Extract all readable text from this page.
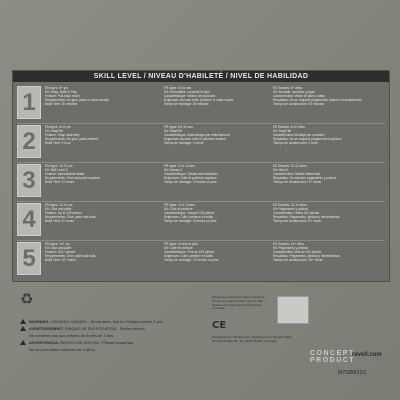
SKILL LEVEL / NIVEAU D'HABILETÉ / NIVEL DE HABILIDAD
1
EN Ages: 8+ yrs
Kit: Snap, Build & Play
Feature: Pull-back motor
Requirements: No glue, paint or tools needed
Build Time: 30 minutes
FR Ages: 8 à 8 ans
Kit: Emboîtable, construit et joue
Caractéristique: Moteur de pull-back
Exigences: Aucune colle, peinture ni outils requis
Temps de montage: 30 minutes
ES Edades: 8+ años
Kit: Armable, construir y jugar
Característica: Motor de jalar y soltar
Requisitos: No se requiere pegamento, pintura ni herramientas
Tiempo de construcción: 30 minutos
2
EN Ages: 8-10 yrs
Kit: SnapTite
Feature: Snap assembly
Requirements: No glue, paint needed
Build Time: 1 hour
FR Ages: 8 à 10 ans
Kit: SnapTite
Caractéristique: Assemblage par emboîtement
Exigences: Aucune colle ni peinture requise
Temps de montage: 1 heure
ES Edades: 8-10 años
Kit: SnapTite
Característica: Montaje por encastre
Requisitos: No se requiere pegamento ni pintura
Tiempo de construcción: 1 hora
3
EN Ages: 10-12 yrs
Kit: Skill Level 3
Feature: Intermediate detail
Requirements: Glue and paint required
Build Time: 3+ hours
FR Ages: 10 à 12 ans
Kit: Niveau 3
Caractéristique: Détails intermédiaires
Exigences: Colle et peinture requises
Temps de montage: 3 heures ou plus
ES Edades: 10-12 años
Kit: Nivel 3
Característica: Detalle intermedio
Requisitos: Se requiere pegamento y pintura
Tiempo de construcción: 3+ horas
4
EN Ages: 12-14 yrs
Kit: Glue and paint
Feature: Up to 100 pieces
Requirements: Glue, paint and tools
Build Time: 5+ hours
FR Ages: 12 à 14 ans
Kit: Colle et peinture
Caractéristique: Jusqu'à 100 pièces
Exigences: Colle, peinture et outils
Temps de montage: 5 heures ou plus
ES Edades: 12-14 años
Kit: Pegamento y pintura
Característica: Hasta 100 piezas
Requisitos: Pegamento, pintura y herramientas
Tiempo de construcción: 5+ horas
5
EN Ages: 14+ yrs
Kit: Glue and paint
Feature: 100+ pieces
Requirements: Glue, paint and tools
Build Time: 10+ hours
FR Ages: 14 ans et plus
Kit: Colle et peinture
Caractéristique: Plus de 100 pièces
Exigences: Colle, peinture et outils
Temps de montage: 10 heures ou plus
ES Edades: 14+ años
Kit: Pegamento y pintura
Característica: Más de 100 piezas
Requisitos: Pegamento, pintura y herramientas
Tiempo de construcción: 10+ horas
♻
WARNING: CHOKING HAZARD - Small parts. Not for Children under 3 yrs.
AVERTISSEMENT: RISQUE DE SUFFOCATION - Petites pièces.
Ne convient pas aux enfants de moins de 3 ans.
ADVERTENCIA: RIESGO DE ASFIXIA - Piezas pequeñas.
No es para niños menores de 3 años.
Please keep details for future reference. Conservez cette adresse, elle est utile. Guarde esta información para futuras consultas.
CE
Distributed by / Distribué par / Distribuido por: Revell GmbH, Henschelstraße 20 - 30, 32257 Bünde, Germany
CONCEPT
PRODUCT
revell.com
|8750B6311|
